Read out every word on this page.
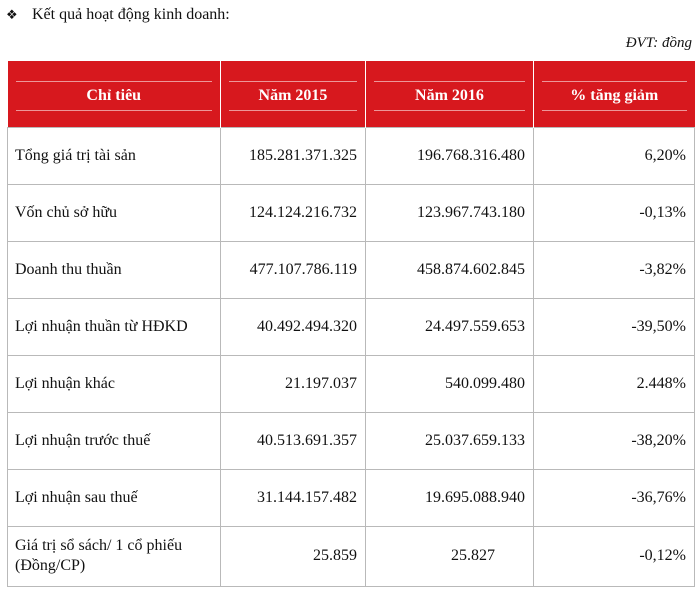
❖ Kết quả hoạt động kinh doanh:
ĐVT: đồng
Chỉ tiêu	Năm 2015	Năm 2016	% tăng giảm

Tổng giá trị tài sản	185.281.371.325	196.768.316.480	6,20%
Vốn chủ sở hữu	124.124.216.732	123.967.743.180	-0,13%
Doanh thu thuần	477.107.786.119	458.874.602.845	-3,82%
Lợi nhuận thuần từ HĐKD	40.492.494.320	24.497.559.653	-39,50%
Lợi nhuận khác	21.197.037	540.099.480	2.448%
Lợi nhuận trước thuế	40.513.691.357	25.037.659.133	-38,20%
Lợi nhuận sau thuế	31.144.157.482	19.695.088.940	-36,76%
Giá trị sổ sách/ 1 cổ phiếu (Đồng/CP)	25.859	25.827	-0,12%
